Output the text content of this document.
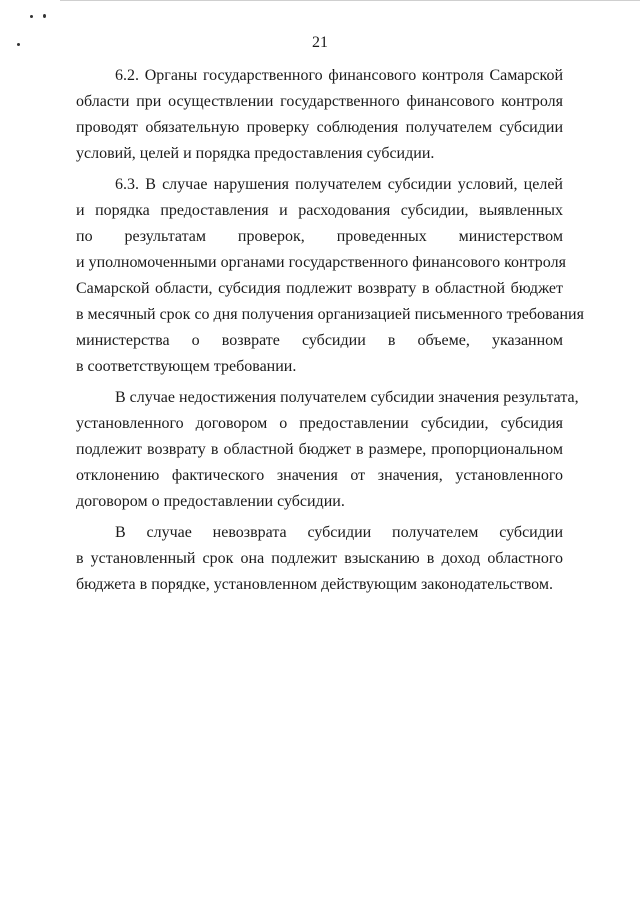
21

6.2. Органы государственного финансового контроля Самарской
области при осуществлении государственного финансового контроля
проводят обязательную проверку соблюдения получателем субсидии
условий, целей и порядка предоставления субсидии.

6.3. В случае нарушения получателем субсидии условий, целей
и порядка предоставления и расходования субсидии, выявленных
по результатам проверок, проведенных министерством
и уполномоченными органами государственного финансового контроля
Самарской области, субсидия подлежит возврату в областной бюджет
в месячный срок со дня получения организацией письменного требования
министерства о возврате субсидии в объеме, указанном
в соответствующем требовании.

В случае недостижения получателем субсидии значения результата,
установленного договором о предоставлении субсидии, субсидия
подлежит возврату в областной бюджет в размере, пропорциональном
отклонению фактического значения от значения, установленного
договором о предоставлении субсидии.

В случае невозврата субсидии получателем субсидии
в установленный срок она подлежит взысканию в доход областного
бюджета в порядке, установленном действующим законодательством.
